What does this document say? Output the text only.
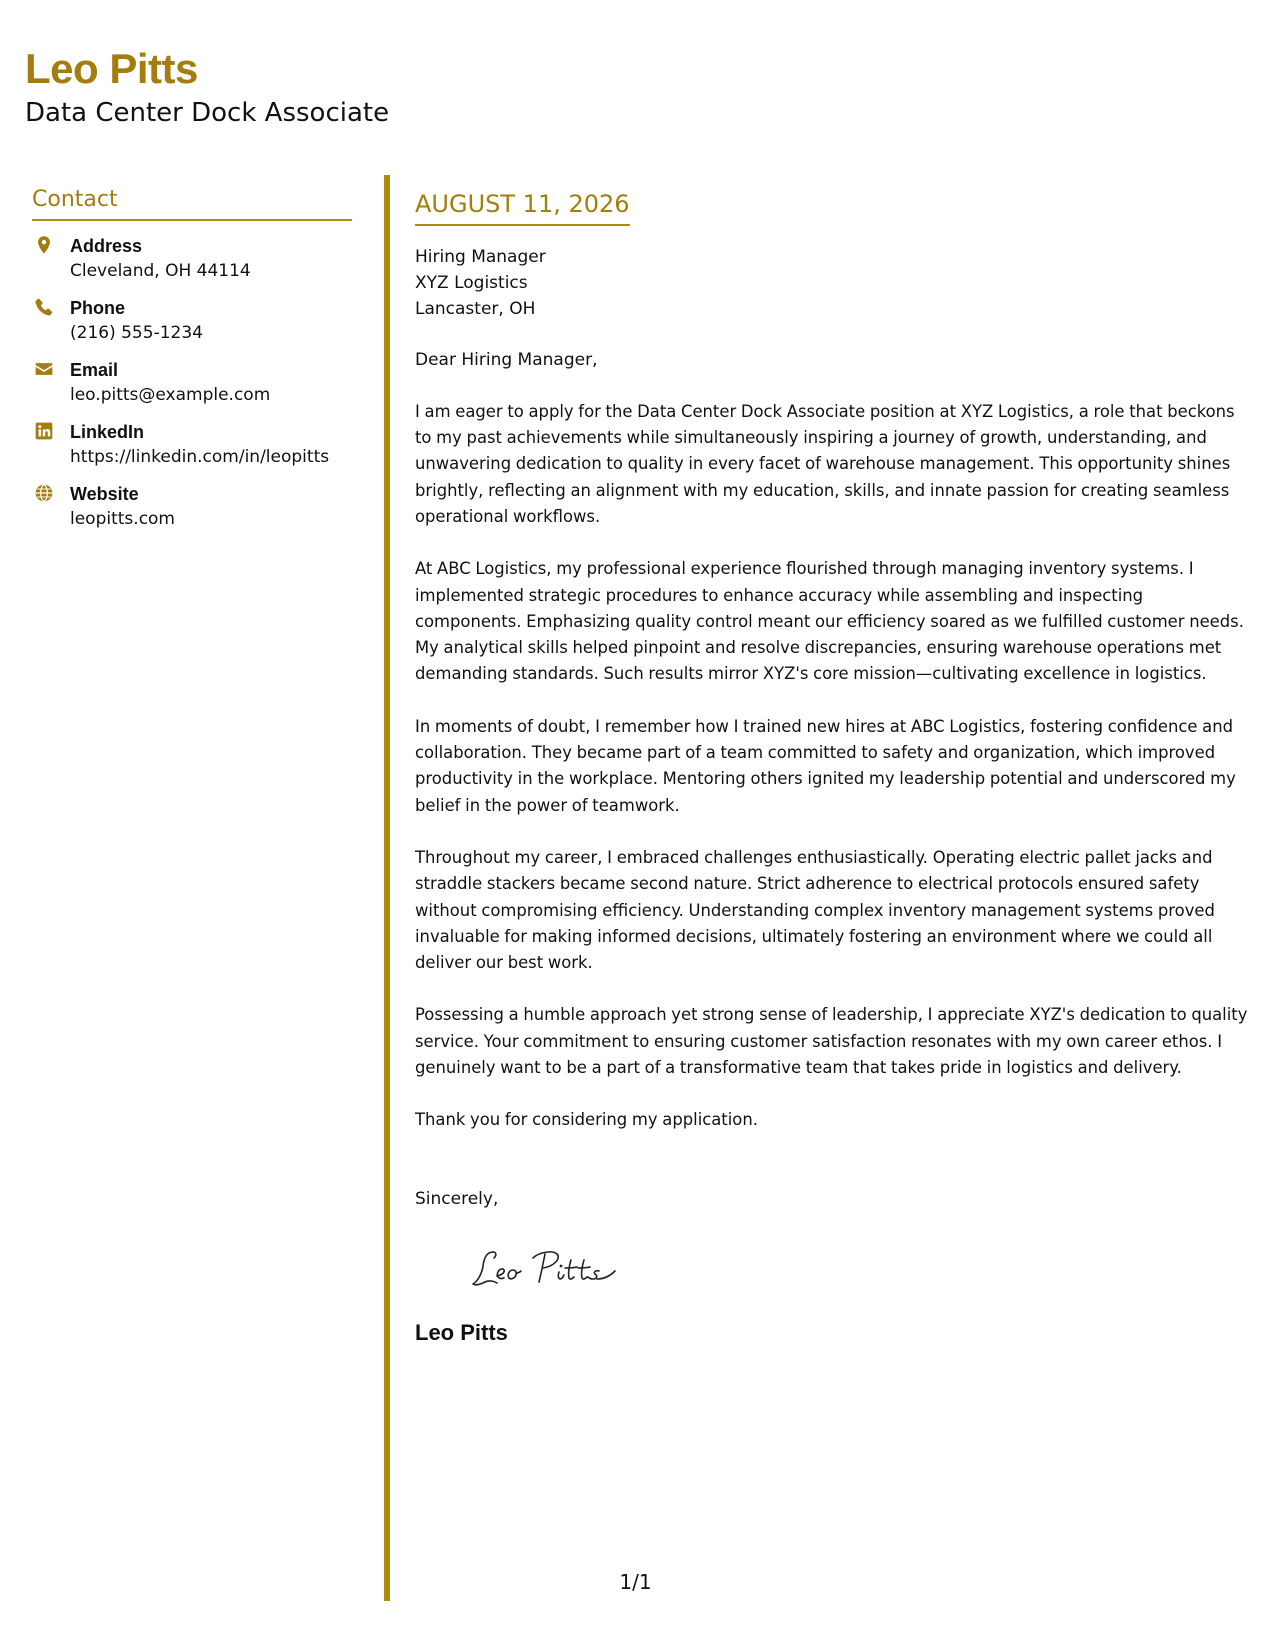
Leo Pitts
Data Center Dock Associate
Contact
Address
Cleveland, OH 44114
Phone
(216) 555-1234
Email
leo.pitts@example.com
LinkedIn
https://linkedin.com/in/leopitts
Website
leopitts.com
AUGUST 11, 2026
Hiring Manager
XYZ Logistics
Lancaster, OH
Dear Hiring Manager,

I am eager to apply for the Data Center Dock Associate position at XYZ Logistics, a role that beckons to my past achievements while simultaneously inspiring a journey of growth, understanding, and unwavering dedication to quality in every facet of warehouse management. This opportunity shines brightly, reflecting an alignment with my education, skills, and innate passion for creating seamless operational workflows.

At ABC Logistics, my professional experience flourished through managing inventory systems. I implemented strategic procedures to enhance accuracy while assembling and inspecting components. Emphasizing quality control meant our efficiency soared as we fulfilled customer needs. My analytical skills helped pinpoint and resolve discrepancies, ensuring warehouse operations met demanding standards. Such results mirror XYZ's core mission—cultivating excellence in logistics.

In moments of doubt, I remember how I trained new hires at ABC Logistics, fostering confidence and collaboration. They became part of a team committed to safety and organization, which improved productivity in the workplace. Mentoring others ignited my leadership potential and underscored my belief in the power of teamwork.

Throughout my career, I embraced challenges enthusiastically. Operating electric pallet jacks and straddle stackers became second nature. Strict adherence to electrical protocols ensured safety without compromising efficiency. Understanding complex inventory management systems proved invaluable for making informed decisions, ultimately fostering an environment where we could all deliver our best work.

Possessing a humble approach yet strong sense of leadership, I appreciate XYZ's dedication to quality service. Your commitment to ensuring customer satisfaction resonates with my own career ethos. I genuinely want to be a part of a transformative team that takes pride in logistics and delivery.

Thank you for considering my application.

Sincerely,
Leo Pitts
1/1
